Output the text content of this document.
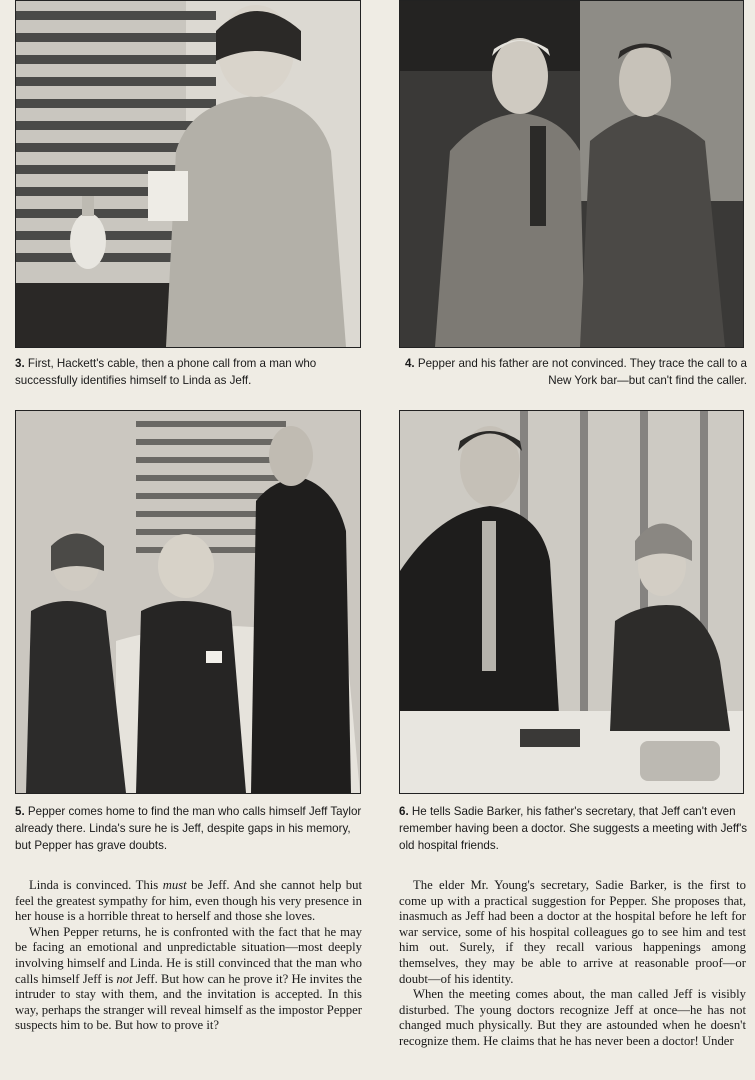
3. First, Hackett's cable, then a phone call from a man who successfully identifies himself to Linda as Jeff.

4. Pepper and his father are not convinced. They trace the call to a New York bar—but can't find the caller.

5. Pepper comes home to find the man who calls himself Jeff Taylor already there. Linda's sure he is Jeff, despite gaps in his memory, but Pepper has grave doubts.

6. He tells Sadie Barker, his father's secretary, that Jeff can't even remember having been a doctor. She suggests a meeting with Jeff's old hospital friends.

Linda is convinced. This must be Jeff. And she cannot help but feel the greatest sympathy for him, even though his very presence in her house is a horrible threat to herself and those she loves.

When Pepper returns, he is confronted with the fact that he may be facing an emotional and unpredictable situation—most deeply involving himself and Linda. He is still convinced that the man who calls himself Jeff is not Jeff. But how can he prove it? He invites the intruder to stay with them, and the invitation is accepted. In this way, perhaps the stranger will reveal himself as the impostor Pepper suspects him to be. But how to prove it?

The elder Mr. Young's secretary, Sadie Barker, is the first to come up with a practical suggestion for Pepper. She proposes that, inasmuch as Jeff had been a doctor at the hospital before he left for war service, some of his hospital colleagues go to see him and test him out. Surely, if they recall various happenings among themselves, they may be able to arrive at reasonable proof—or doubt—of his identity.

When the meeting comes about, the man called Jeff is visibly disturbed. The young doctors recognize Jeff at once—he has not changed much physically. But they are astounded when he doesn't recognize them. He claims that he has never been a doctor! Under
